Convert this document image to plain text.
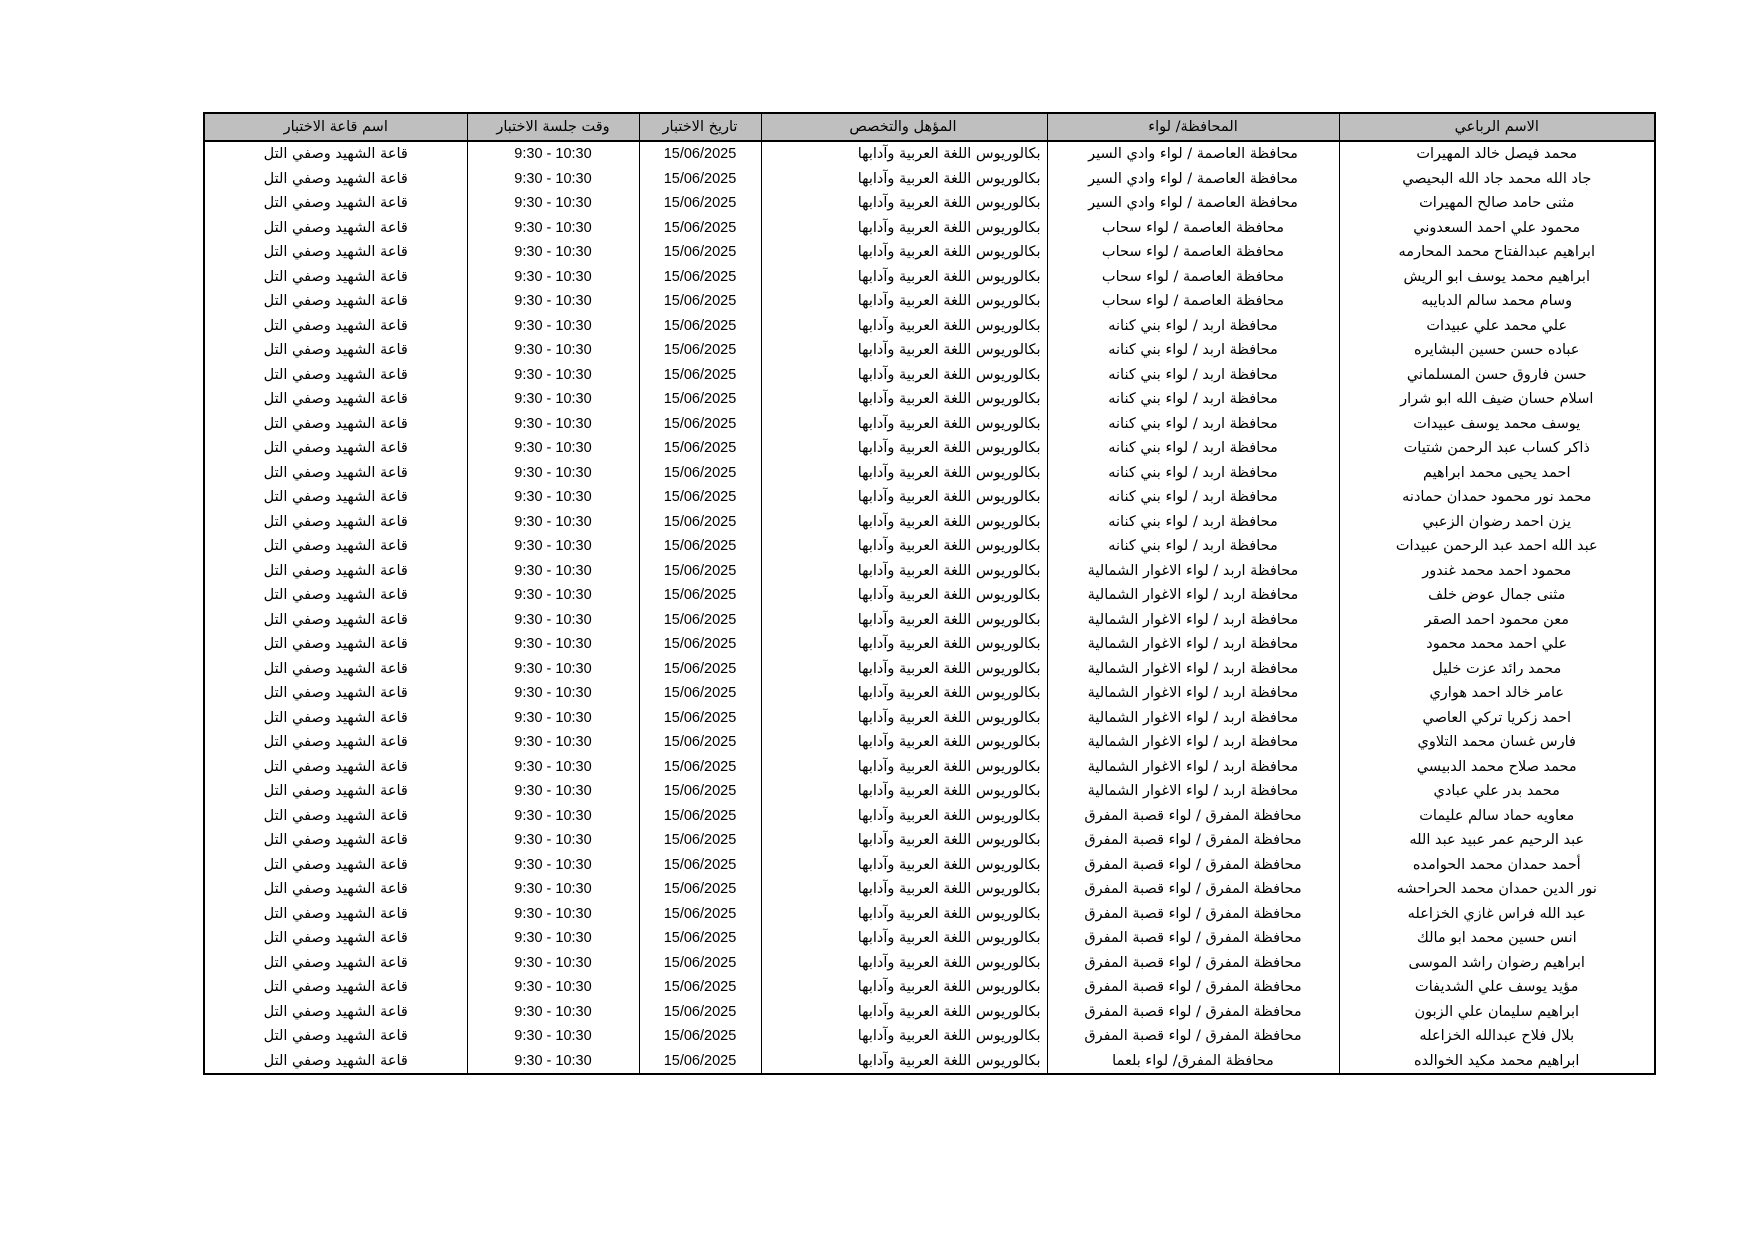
الاسم الرباعي	المحافظة/ لواء	المؤهل والتخصص	تاريخ الاختبار	وقت جلسة الاختبار	اسم قاعة الاختبار
محمد فيصل خالد المهيرات	محافظة العاصمة / لواء وادي السير	بكالوريوس اللغة العربية وآدابها	15/06/2025	9:30 - 10:30	قاعة الشهيد وصفي التل
جاد الله محمد جاد الله البحيصي	محافظة العاصمة / لواء وادي السير	بكالوريوس اللغة العربية وآدابها	15/06/2025	9:30 - 10:30	قاعة الشهيد وصفي التل
مثنى حامد صالح المهيرات	محافظة العاصمة / لواء وادي السير	بكالوريوس اللغة العربية وآدابها	15/06/2025	9:30 - 10:30	قاعة الشهيد وصفي التل
محمود علي احمد السعدوني	محافظة العاصمة / لواء سحاب	بكالوريوس اللغة العربية وآدابها	15/06/2025	9:30 - 10:30	قاعة الشهيد وصفي التل
ابراهيم عبدالفتاح محمد المحارمه	محافظة العاصمة / لواء سحاب	بكالوريوس اللغة العربية وآدابها	15/06/2025	9:30 - 10:30	قاعة الشهيد وصفي التل
ابراهيم محمد يوسف ابو الريش	محافظة العاصمة / لواء سحاب	بكالوريوس اللغة العربية وآدابها	15/06/2025	9:30 - 10:30	قاعة الشهيد وصفي التل
وسام محمد سالم الدبايبه	محافظة العاصمة / لواء سحاب	بكالوريوس اللغة العربية وآدابها	15/06/2025	9:30 - 10:30	قاعة الشهيد وصفي التل
علي محمد علي عبيدات	محافظة اربد / لواء بني كنانه	بكالوريوس اللغة العربية وآدابها	15/06/2025	9:30 - 10:30	قاعة الشهيد وصفي التل
عباده حسن حسين البشايره	محافظة اربد / لواء بني كنانه	بكالوريوس اللغة العربية وآدابها	15/06/2025	9:30 - 10:30	قاعة الشهيد وصفي التل
حسن فاروق حسن المسلماني	محافظة اربد / لواء بني كنانه	بكالوريوس اللغة العربية وآدابها	15/06/2025	9:30 - 10:30	قاعة الشهيد وصفي التل
اسلام حسان ضيف الله ابو شرار	محافظة اربد / لواء بني كنانه	بكالوريوس اللغة العربية وآدابها	15/06/2025	9:30 - 10:30	قاعة الشهيد وصفي التل
يوسف محمد يوسف عبيدات	محافظة اربد / لواء بني كنانه	بكالوريوس اللغة العربية وآدابها	15/06/2025	9:30 - 10:30	قاعة الشهيد وصفي التل
ذاكر كساب عبد الرحمن شتيات	محافظة اربد / لواء بني كنانه	بكالوريوس اللغة العربية وآدابها	15/06/2025	9:30 - 10:30	قاعة الشهيد وصفي التل
احمد يحيى محمد ابراهيم	محافظة اربد / لواء بني كنانه	بكالوريوس اللغة العربية وآدابها	15/06/2025	9:30 - 10:30	قاعة الشهيد وصفي التل
محمد نور محمود حمدان حمادنه	محافظة اربد / لواء بني كنانه	بكالوريوس اللغة العربية وآدابها	15/06/2025	9:30 - 10:30	قاعة الشهيد وصفي التل
يزن احمد رضوان الزعبي	محافظة اربد / لواء بني كنانه	بكالوريوس اللغة العربية وآدابها	15/06/2025	9:30 - 10:30	قاعة الشهيد وصفي التل
عبد الله احمد عبد الرحمن عبيدات	محافظة اربد / لواء بني كنانه	بكالوريوس اللغة العربية وآدابها	15/06/2025	9:30 - 10:30	قاعة الشهيد وصفي التل
محمود احمد محمد غندور	محافظة اربد / لواء الاغوار الشمالية	بكالوريوس اللغة العربية وآدابها	15/06/2025	9:30 - 10:30	قاعة الشهيد وصفي التل
مثنى جمال عوض خلف	محافظة اربد / لواء الاغوار الشمالية	بكالوريوس اللغة العربية وآدابها	15/06/2025	9:30 - 10:30	قاعة الشهيد وصفي التل
معن محمود احمد الصقر	محافظة اربد / لواء الاغوار الشمالية	بكالوريوس اللغة العربية وآدابها	15/06/2025	9:30 - 10:30	قاعة الشهيد وصفي التل
علي احمد محمد محمود	محافظة اربد / لواء الاغوار الشمالية	بكالوريوس اللغة العربية وآدابها	15/06/2025	9:30 - 10:30	قاعة الشهيد وصفي التل
محمد رائد عزت خليل	محافظة اربد / لواء الاغوار الشمالية	بكالوريوس اللغة العربية وآدابها	15/06/2025	9:30 - 10:30	قاعة الشهيد وصفي التل
عامر خالد احمد هواري	محافظة اربد / لواء الاغوار الشمالية	بكالوريوس اللغة العربية وآدابها	15/06/2025	9:30 - 10:30	قاعة الشهيد وصفي التل
احمد زكريا تركي العاصي	محافظة اربد / لواء الاغوار الشمالية	بكالوريوس اللغة العربية وآدابها	15/06/2025	9:30 - 10:30	قاعة الشهيد وصفي التل
فارس غسان محمد التلاوي	محافظة اربد / لواء الاغوار الشمالية	بكالوريوس اللغة العربية وآدابها	15/06/2025	9:30 - 10:30	قاعة الشهيد وصفي التل
محمد صلاح محمد الدبيسي	محافظة اربد / لواء الاغوار الشمالية	بكالوريوس اللغة العربية وآدابها	15/06/2025	9:30 - 10:30	قاعة الشهيد وصفي التل
محمد بدر علي عبادي	محافظة اربد / لواء الاغوار الشمالية	بكالوريوس اللغة العربية وآدابها	15/06/2025	9:30 - 10:30	قاعة الشهيد وصفي التل
معاويه حماد سالم عليمات	محافظة المفرق / لواء قصبة المفرق	بكالوريوس اللغة العربية وآدابها	15/06/2025	9:30 - 10:30	قاعة الشهيد وصفي التل
عبد الرحيم عمر عبيد عبد الله	محافظة المفرق / لواء قصبة المفرق	بكالوريوس اللغة العربية وآدابها	15/06/2025	9:30 - 10:30	قاعة الشهيد وصفي التل
أحمد حمدان محمد الحوامده	محافظة المفرق / لواء قصبة المفرق	بكالوريوس اللغة العربية وآدابها	15/06/2025	9:30 - 10:30	قاعة الشهيد وصفي التل
نور الدين حمدان محمد الحراحشه	محافظة المفرق / لواء قصبة المفرق	بكالوريوس اللغة العربية وآدابها	15/06/2025	9:30 - 10:30	قاعة الشهيد وصفي التل
عبد الله فراس غازي الخزاعله	محافظة المفرق / لواء قصبة المفرق	بكالوريوس اللغة العربية وآدابها	15/06/2025	9:30 - 10:30	قاعة الشهيد وصفي التل
انس حسين محمد ابو مالك	محافظة المفرق / لواء قصبة المفرق	بكالوريوس اللغة العربية وآدابها	15/06/2025	9:30 - 10:30	قاعة الشهيد وصفي التل
ابراهيم رضوان راشد الموسى	محافظة المفرق / لواء قصبة المفرق	بكالوريوس اللغة العربية وآدابها	15/06/2025	9:30 - 10:30	قاعة الشهيد وصفي التل
مؤيد يوسف علي الشديفات	محافظة المفرق / لواء قصبة المفرق	بكالوريوس اللغة العربية وآدابها	15/06/2025	9:30 - 10:30	قاعة الشهيد وصفي التل
ابراهيم سليمان علي الزبون	محافظة المفرق / لواء قصبة المفرق	بكالوريوس اللغة العربية وآدابها	15/06/2025	9:30 - 10:30	قاعة الشهيد وصفي التل
بلال فلاح عبدالله الخزاعله	محافظة المفرق / لواء قصبة المفرق	بكالوريوس اللغة العربية وآدابها	15/06/2025	9:30 - 10:30	قاعة الشهيد وصفي التل
ابراهيم محمد مكيد الخوالده	محافظة المفرق/ لواء بلعما	بكالوريوس اللغة العربية وآدابها	15/06/2025	9:30 - 10:30	قاعة الشهيد وصفي التل
